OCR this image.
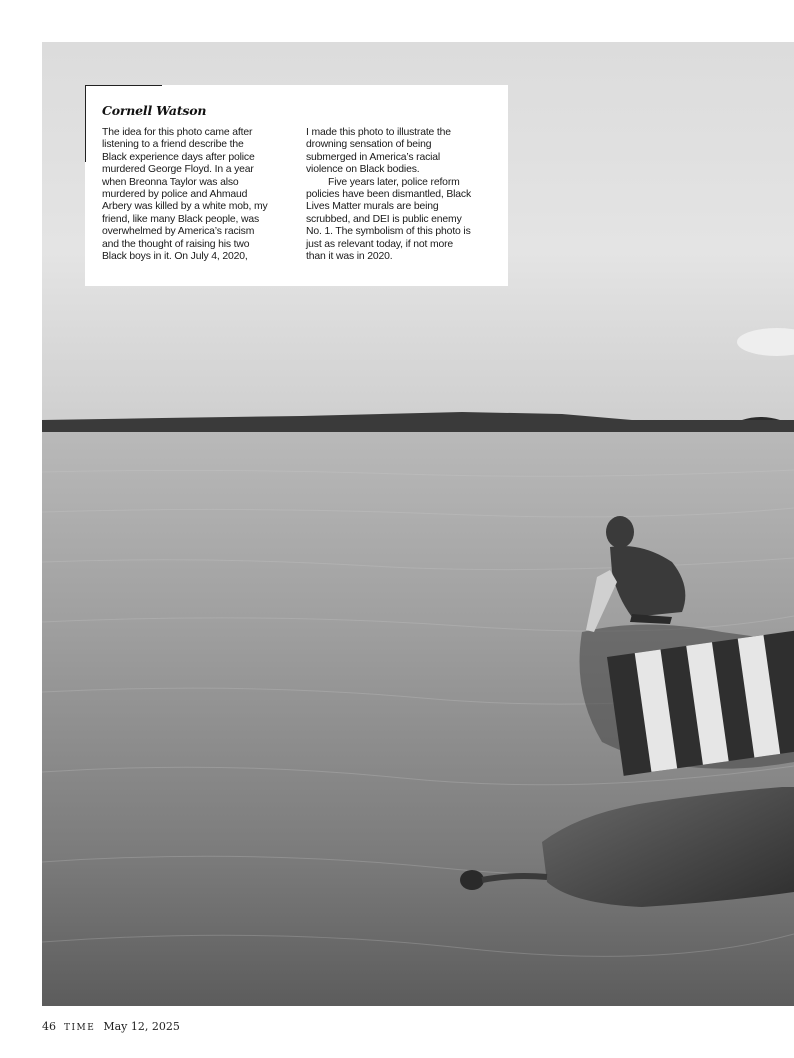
Cornell Watson

The idea for this photo came after listening to a friend describe the Black experience days after police murdered George Floyd. In a year when Breonna Taylor was also murdered by police and Ahmaud Arbery was killed by a white mob, my friend, like many Black people, was overwhelmed by America’s racism and the thought of raising his two Black boys in it. On July 4, 2020,

I made this photo to illustrate the drowning sensation of being submerged in America’s racial violence on Black bodies.

Five years later, police reform policies have been dismantled, Black Lives Matter murals are being scrubbed, and DEI is public enemy No. 1. The symbolism of this photo is just as relevant today, if not more than it was in 2020.

46 TIME May 12, 2025
